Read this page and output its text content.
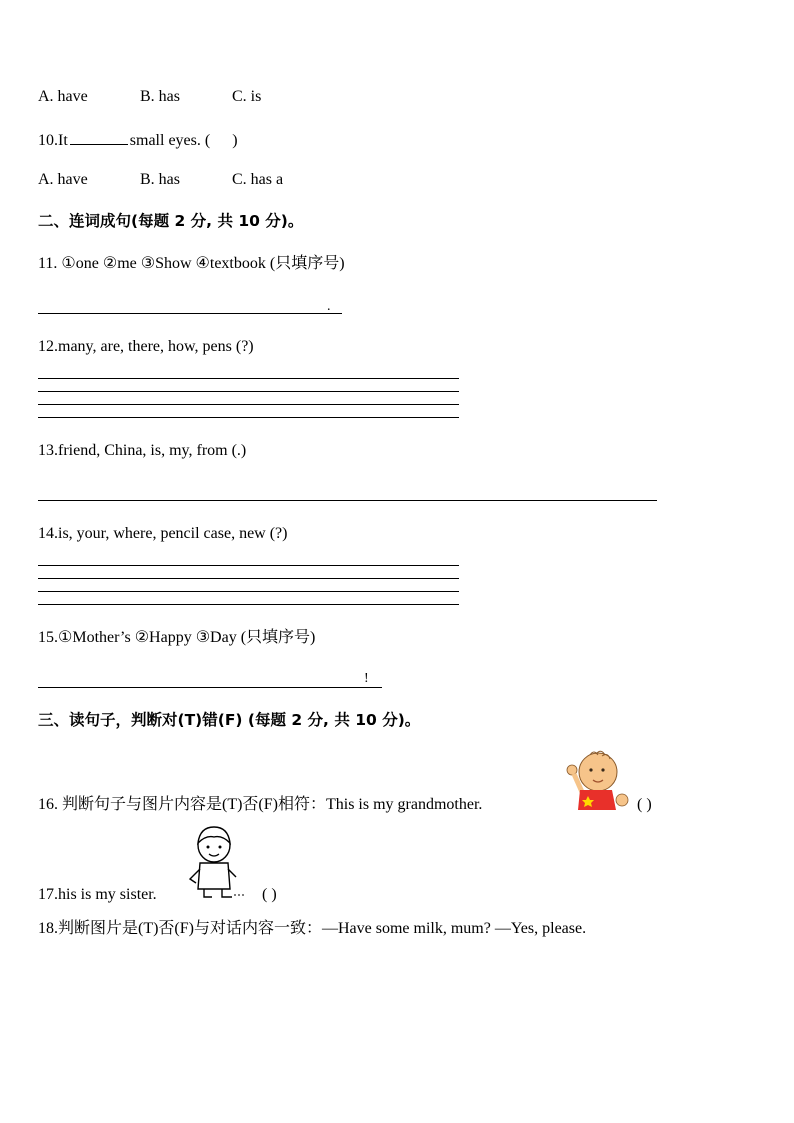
A. have	B. has	C. is
10.It	small eyes. ( )
A. have	B. has	C. has a
二、连词成句(每题 2 分, 共 10 分)。
11. ①one ②me ③Show ④textbook (只填序号)
.
12.many, are, there, how, pens (?)
13.friend, China, is, my, from (.)
14.is, your, where, pencil case, new (?)
15.①Mother’s ②Happy ③Day (只填序号)
!
三、读句子，判断对(T)错(F) (每题 2 分, 共 10 分)。
16. 判断句子与图片内容是(T)否(F)相符：This is my grandmother.	( )
17.his is my sister.	( )
18.判断图片是(T)否(F)与对话内容一致：—Have some milk, mum? —Yes, please.
